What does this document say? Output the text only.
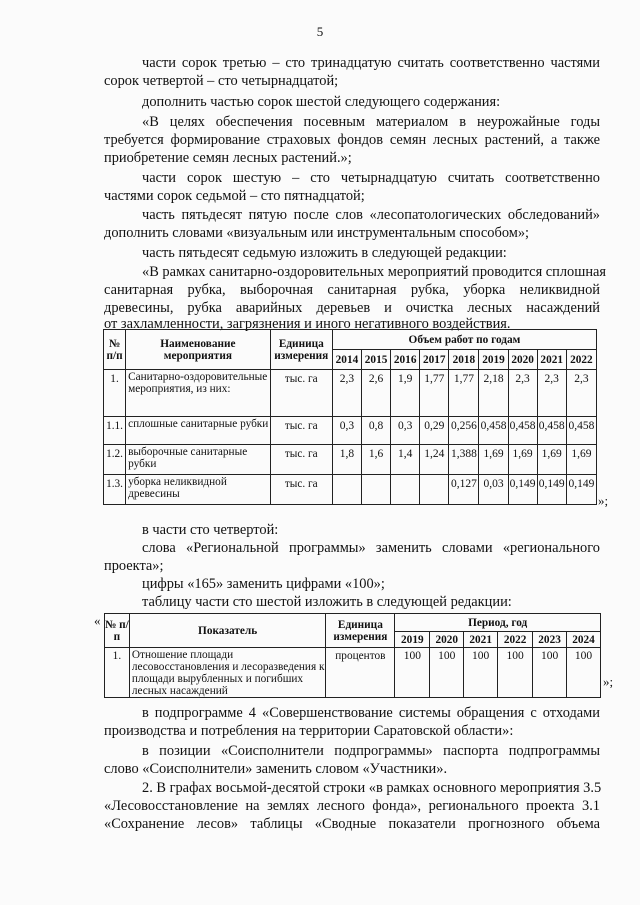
5
части сорок третью – сто тринадцатую считать соответственно частями
сорок четвертой – сто четырнадцатой;
дополнить частью сорок шестой следующего содержания:
«В целях обеспечения посевным материалом в неурожайные годы
требуется формирование страховых фондов семян лесных растений, а также
приобретение семян лесных растений.»;
части сорок шестую – сто четырнадцатую считать соответственно
частями сорок седьмой – сто пятнадцатой;
часть пятьдесят пятую после слов «лесопатологических обследований»
дополнить словами «визуальным или инструментальным способом»;
часть пятьдесят седьмую изложить в следующей редакции:
«В рамках санитарно-оздоровительных мероприятий проводится сплошная
санитарная рубка, выборочная санитарная рубка, уборка неликвидной
древесины, рубка аварийных деревьев и очистка лесных насаждений
от захламленности, загрязнения и иного негативного воздействия.
№ п/п	Наименование мероприятия	Единица измерения	Объем работ по годам								
			2014	2015	2016	2017	2018	2019	2020	2021	2022
1.	Санитарно-оздоровительные мероприятия, из них:	тыс. га	2,3	2,6	1,9	1,77	1,77	2,18	2,3	2,3	2,3
1.1.	сплошные санитарные рубки	тыс. га	0,3	0,8	0,3	0,29	0,256	0,458	0,458	0,458	0,458
1.2.	выборочные санитарные рубки	тыс. га	1,8	1,6	1,4	1,24	1,388	1,69	1,69	1,69	1,69
1.3.	уборка неликвидной древесины	тыс. га					0,127	0,03	0,149	0,149	0,149
»;
в части сто четвертой:
слова «Региональной программы» заменить словами «регионального
проекта»;
цифры «165» заменить цифрами «100»;
таблицу части сто шестой изложить в следующей редакции:
« № п/п	Показатель	Единица измерения	Период, год					
			2019	2020	2021	2022	2023	2024
1.	Отношение площади лесовосстановления и лесоразведения к площади вырубленных и погибших лесных насаждений	процентов	100	100	100	100	100	100
»;
в подпрограмме 4 «Совершенствование системы обращения с отходами
производства и потребления на территории Саратовской области»:
в позиции «Соисполнители подпрограммы» паспорта подпрограммы
слово «Соисполнители» заменить словом «Участники».
2. В графах восьмой-десятой строки «в рамках основного мероприятия 3.5
«Лесовосстановление на землях лесного фонда», регионального проекта 3.1
«Сохранение лесов» таблицы «Сводные показатели прогнозного объема
